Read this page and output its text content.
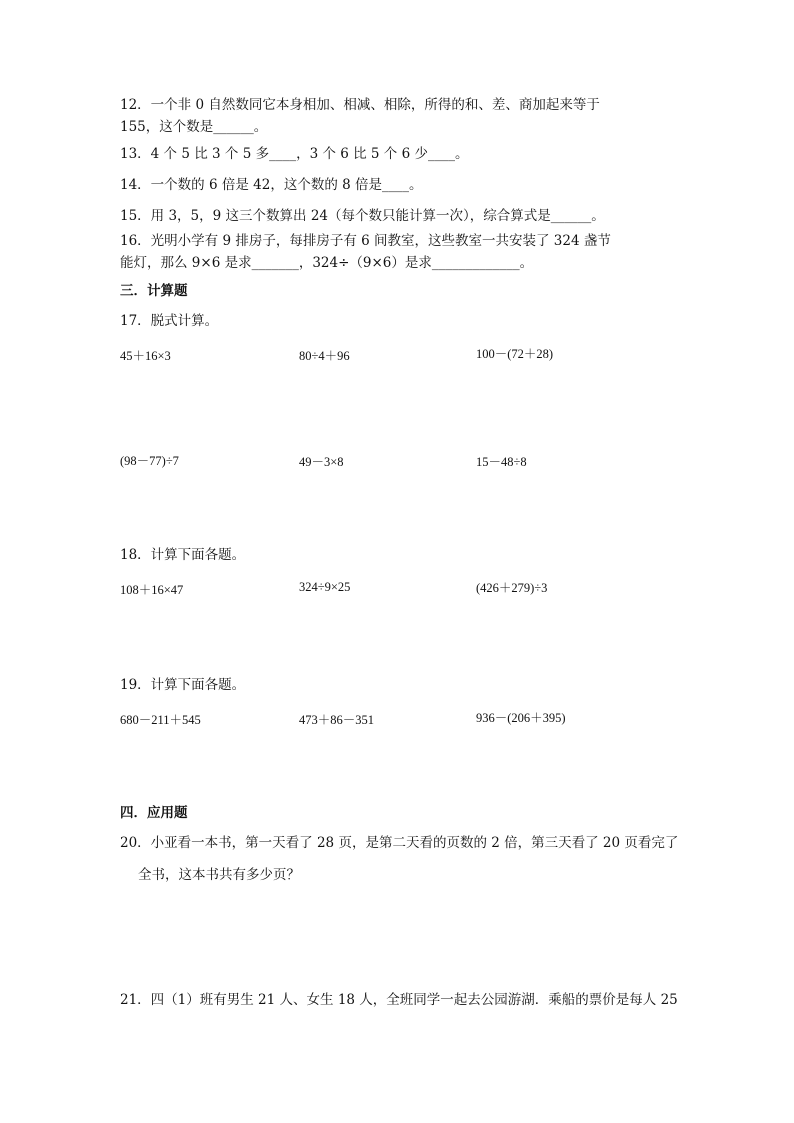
12．一个非 0 自然数同它本身相加、相减、相除，所得的和、差、商加起来等于
155，这个数是______。
13．4 个 5 比 3 个 5 多____，3 个 6 比 5 个 6 少____。
14．一个数的 6 倍是 42，这个数的 8 倍是____。
15．用 3，5，9 这三个数算出 24（每个数只能计算一次），综合算式是______。
16．光明小学有 9 排房子，每排房子有 6 间教室，这些教室一共安装了 324 盏节
能灯，那么 9×6 是求_______，324÷（9×6）是求_____________。
三．计算题
17．脱式计算。
45＋16×3	80÷4＋96	100－(72＋28)
(98－77)÷7	49－3×8	15－48÷8
18．计算下面各题。
108＋16×47	324÷9×25	(426＋279)÷3
19．计算下面各题。
680－211＋545	473＋86－351	936－(206＋395)
四．应用题
20．小亚看一本书，第一天看了 28 页，是第二天看的页数的 2 倍，第三天看了 20 页看完了
全书，这本书共有多少页？
21．四（1）班有男生 21 人、女生 18 人，全班同学一起去公园游湖．乘船的票价是每人 25
